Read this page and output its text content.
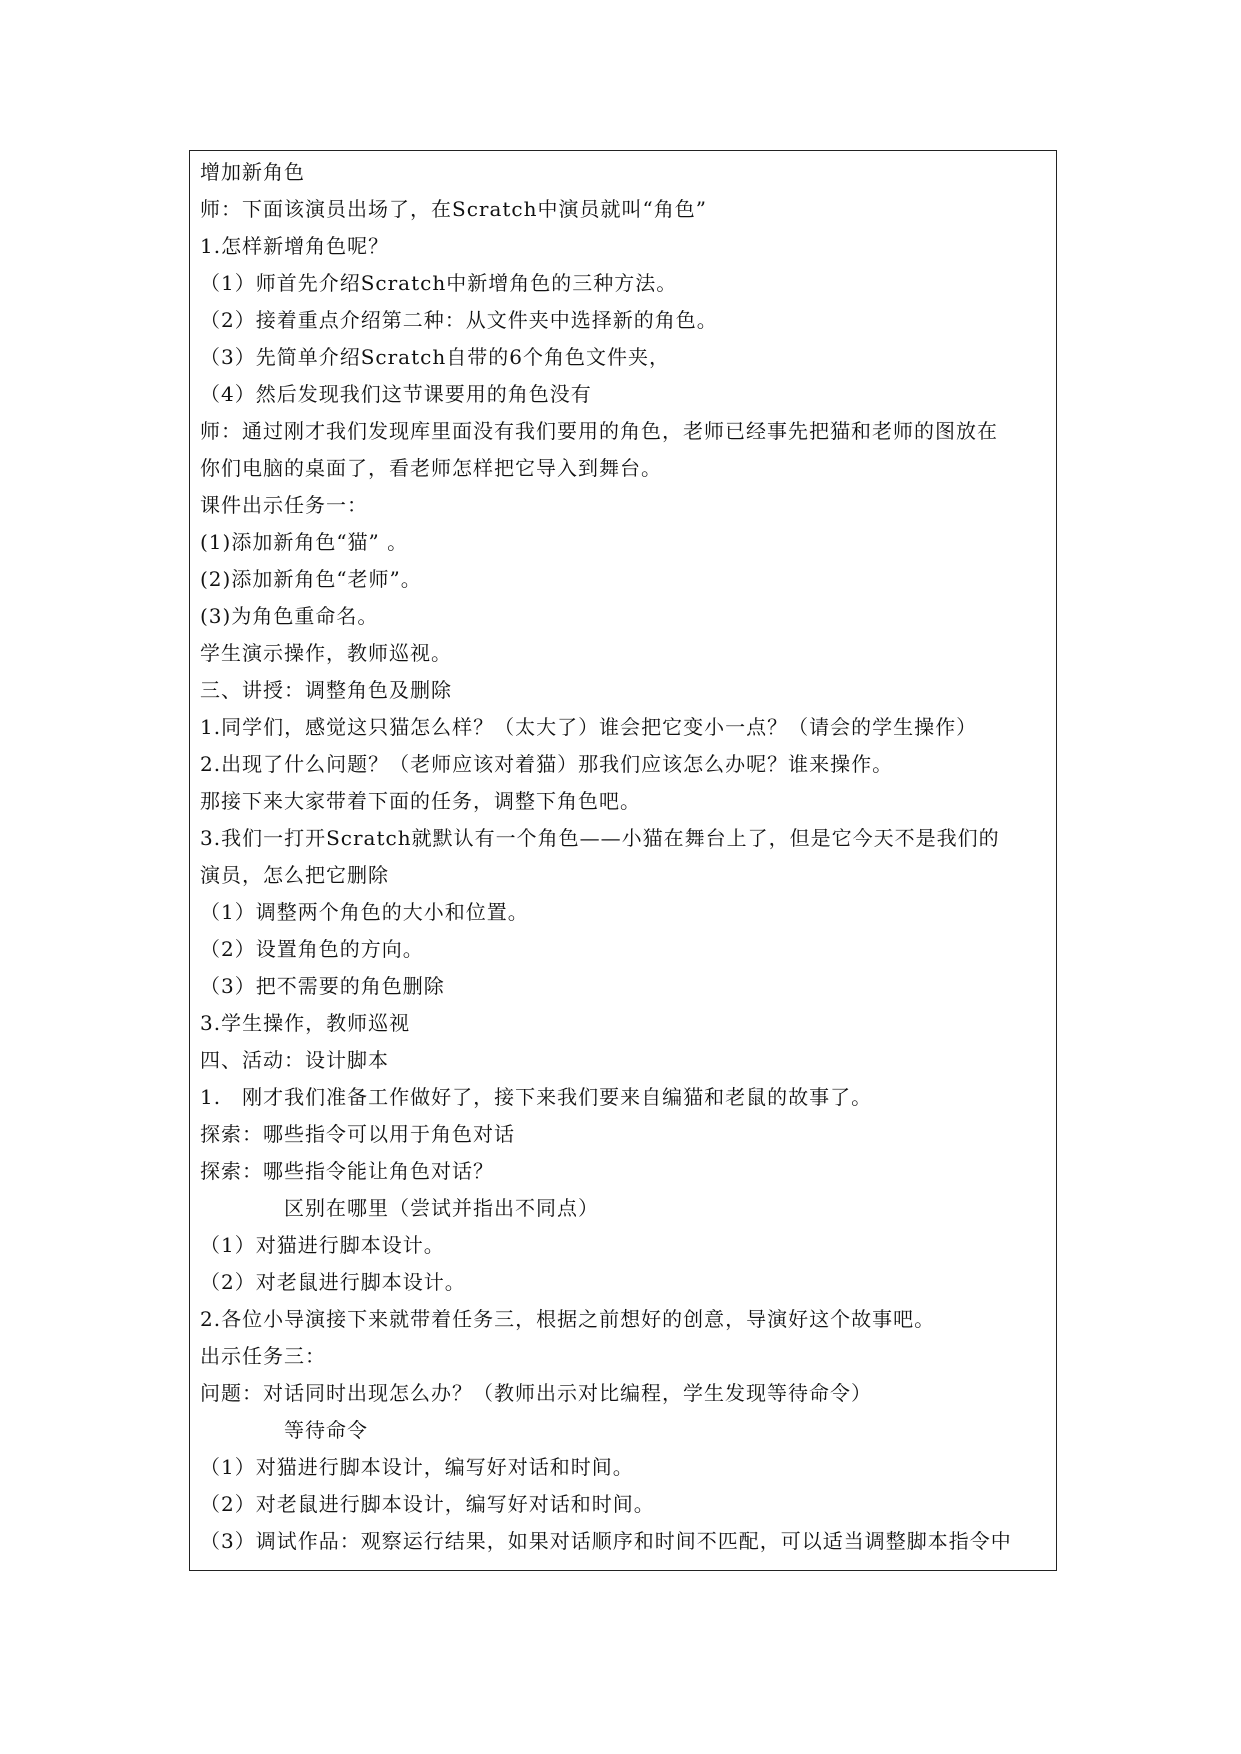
增加新角色
师：下面该演员出场了，在Scratch中演员就叫“角色”
1.怎样新增角色呢？
（1）师首先介绍Scratch中新增角色的三种方法。
（2）接着重点介绍第二种：从文件夹中选择新的角色。
（3）先简单介绍Scratch自带的6个角色文件夹，
（4）然后发现我们这节课要用的角色没有
师：通过刚才我们发现库里面没有我们要用的角色，老师已经事先把猫和老师的图放在
你们电脑的桌面了，看老师怎样把它导入到舞台。
课件出示任务一：
(1)添加新角色“猫” 。
(2)添加新角色“老师”。
(3)为角色重命名。
学生演示操作，教师巡视。
三、讲授：调整角色及删除
1.同学们，感觉这只猫怎么样？（太大了）谁会把它变小一点？（请会的学生操作）
2.出现了什么问题？（老师应该对着猫）那我们应该怎么办呢？谁来操作。
那接下来大家带着下面的任务，调整下角色吧。
3.我们一打开Scratch就默认有一个角色——小猫在舞台上了，但是它今天不是我们的
演员，怎么把它删除
（1）调整两个角色的大小和位置。
（2）设置角色的方向。
（3）把不需要的角色删除
3.学生操作，教师巡视
四、活动：设计脚本
1.　刚才我们准备工作做好了，接下来我们要来自编猫和老鼠的故事了。
探索：哪些指令可以用于角色对话
探索：哪些指令能让角色对话？
　　　　区别在哪里（尝试并指出不同点）
（1）对猫进行脚本设计。
（2）对老鼠进行脚本设计。
2.各位小导演接下来就带着任务三，根据之前想好的创意，导演好这个故事吧。
出示任务三：
问题：对话同时出现怎么办？（教师出示对比编程，学生发现等待命令）
　　　　等待命令
（1）对猫进行脚本设计，编写好对话和时间。
（2）对老鼠进行脚本设计，编写好对话和时间。
（3）调试作品：观察运行结果，如果对话顺序和时间不匹配，可以适当调整脚本指令中
